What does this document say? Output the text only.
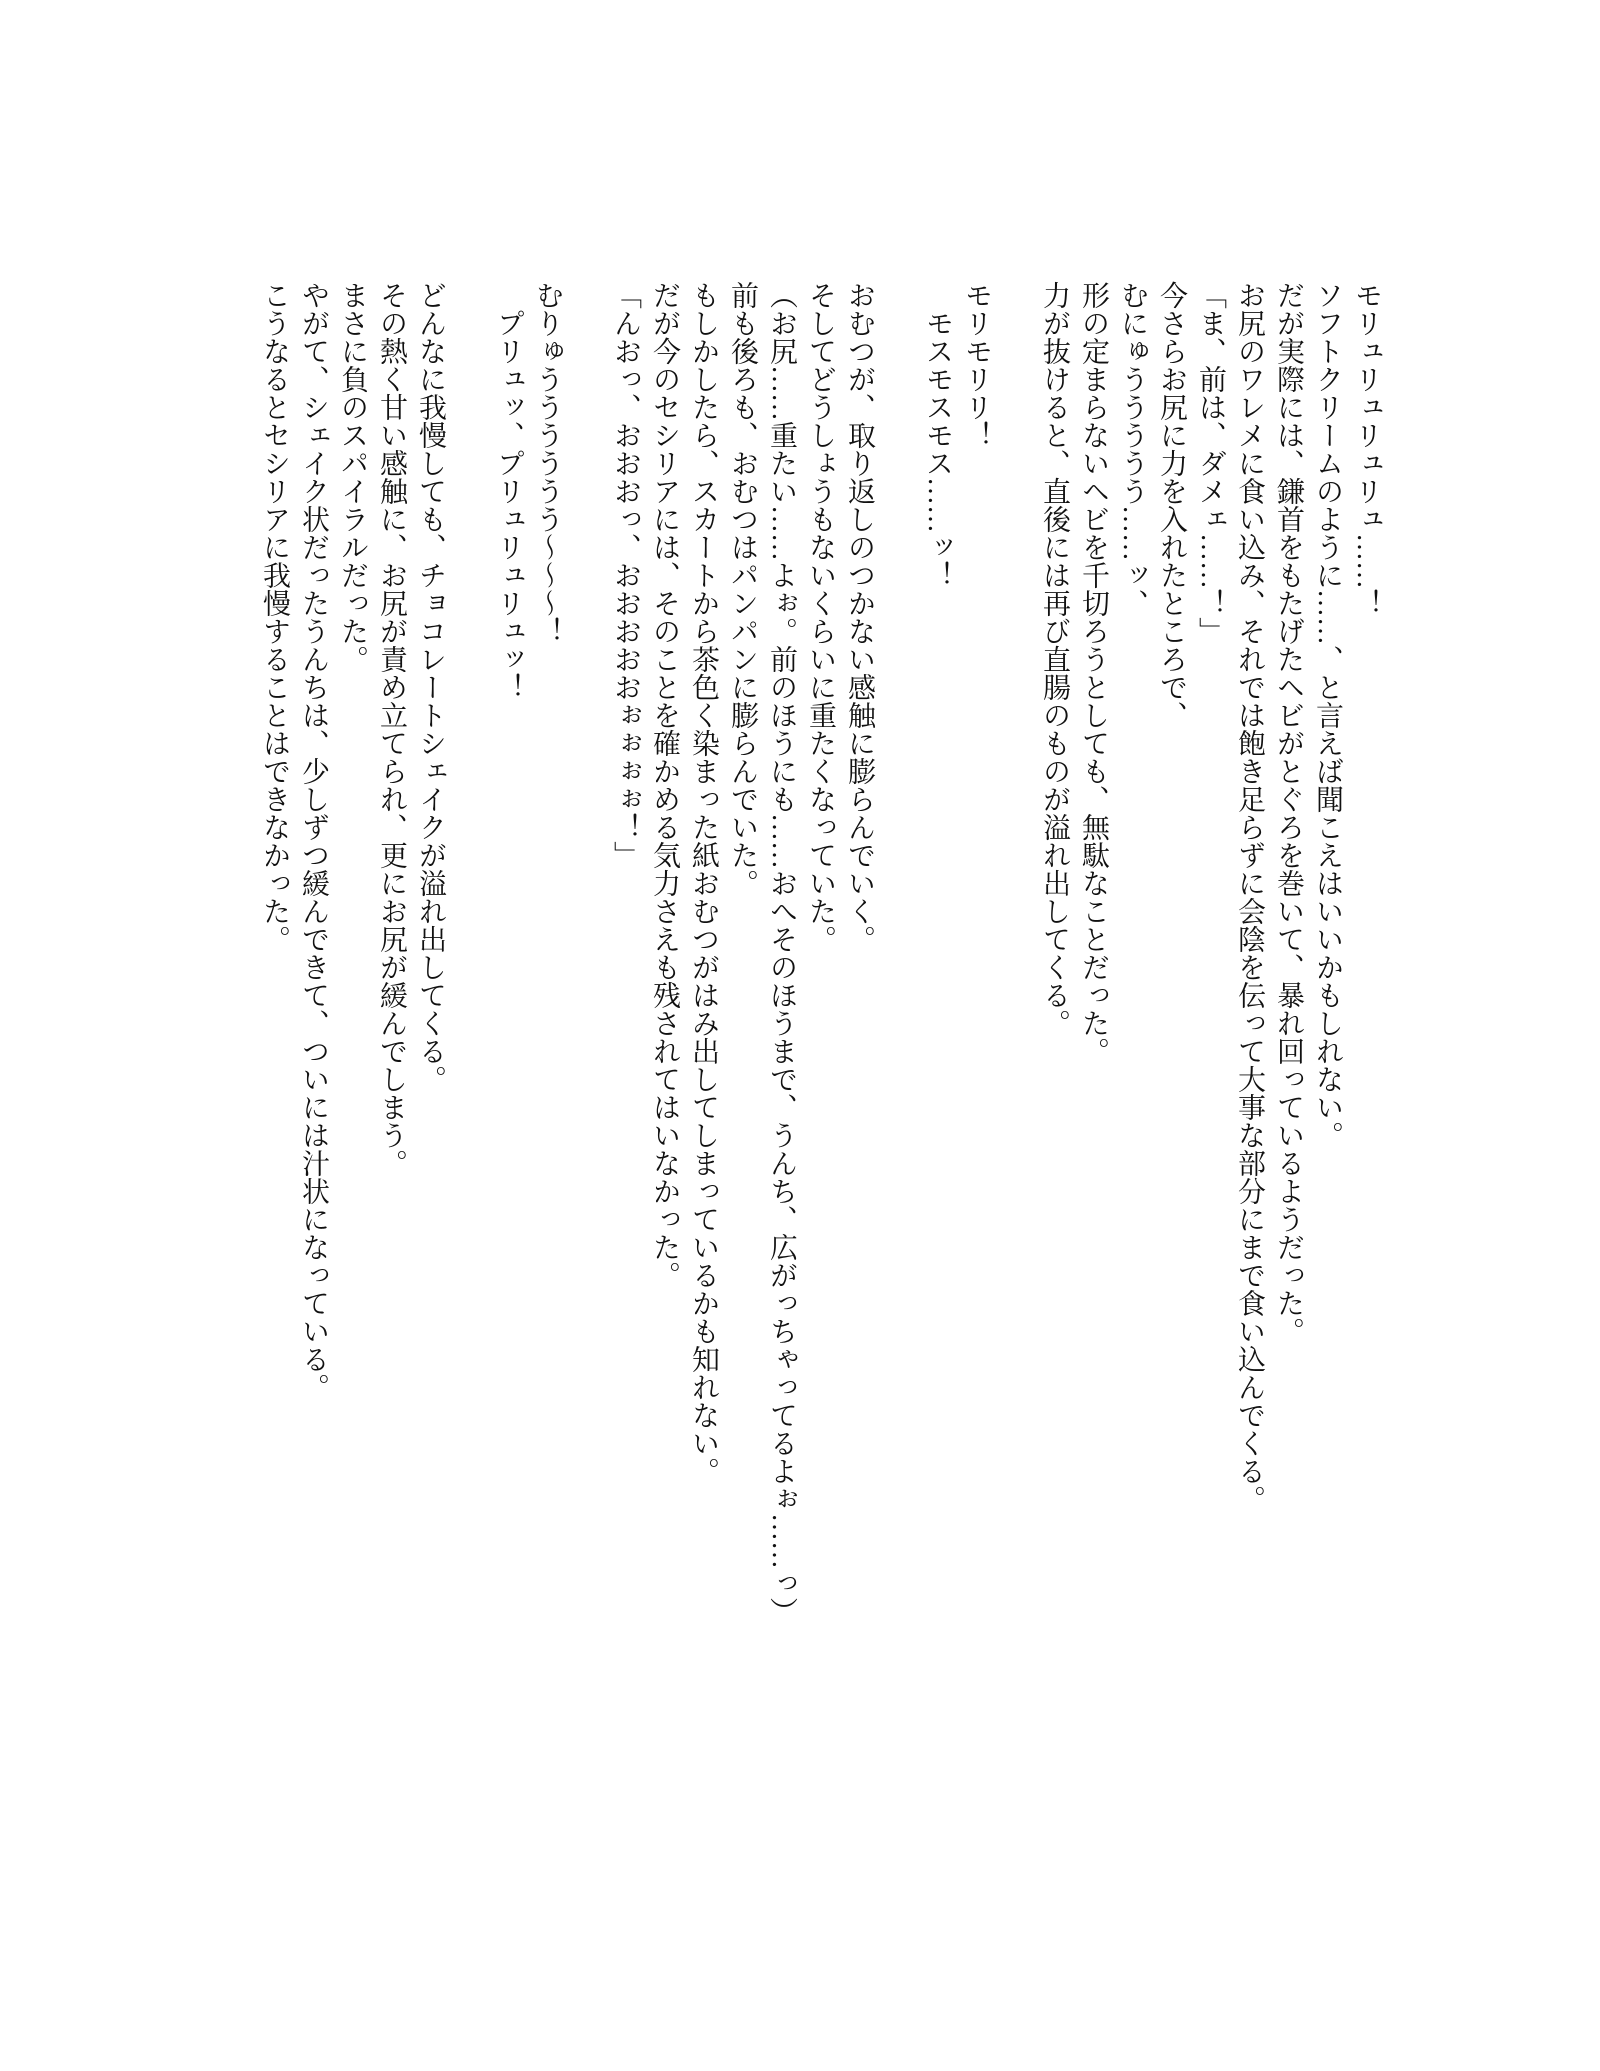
モリュリュリュリュ……！

ソフトクリームのように……、と言えば聞こえはいいかもしれない。

だが実際には、鎌首をもたげたヘビがとぐろを巻いて、暴れ回っているようだった。

お尻のワレメに食い込み、それでは飽き足らずに会陰を伝って大事な部分にまで食い込んでくる。

「ま、前は、ダメェ……！」

今さらお尻に力を入れたところで、

むにゅううううう……ッ、

形の定まらないヘビを千切ろうとしても、無駄なことだった。

力が抜けると、直後には再び直腸のものが溢れ出してくる。

モリモリリ！

モスモスモス……ッ！

おむつが、取り返しのつかない感触に膨らんでいく。

そしてどうしょうもないくらいに重たくなっていた。

（お尻……重たい……よぉ。前のほうにも……おへそのほうまで、うんち、広がっちゃってるよぉ……っ）

前も後ろも、おむつはパンパンに膨らんでいた。

もしかしたら、スカートから茶色く染まった紙おむつがはみ出してしまっているかも知れない。

だが今のセシリアには、そのことを確かめる気力さえも残されてはいなかった。

「んおっ、おおおっ、おおおおおぉぉぉぉ！」

むりゅうううううう〜〜〜！

プリュッ、プリュリュリュッ！

どんなに我慢しても、チョコレートシェイクが溢れ出してくる。

その熱く甘い感触に、お尻が責め立てられ、更にお尻が緩んでしまう。

まさに負のスパイラルだった。

やがて、シェイク状だったうんちは、少しずつ緩んできて、ついには汁状になっている。

こうなるとセシリアに我慢することはできなかった。
